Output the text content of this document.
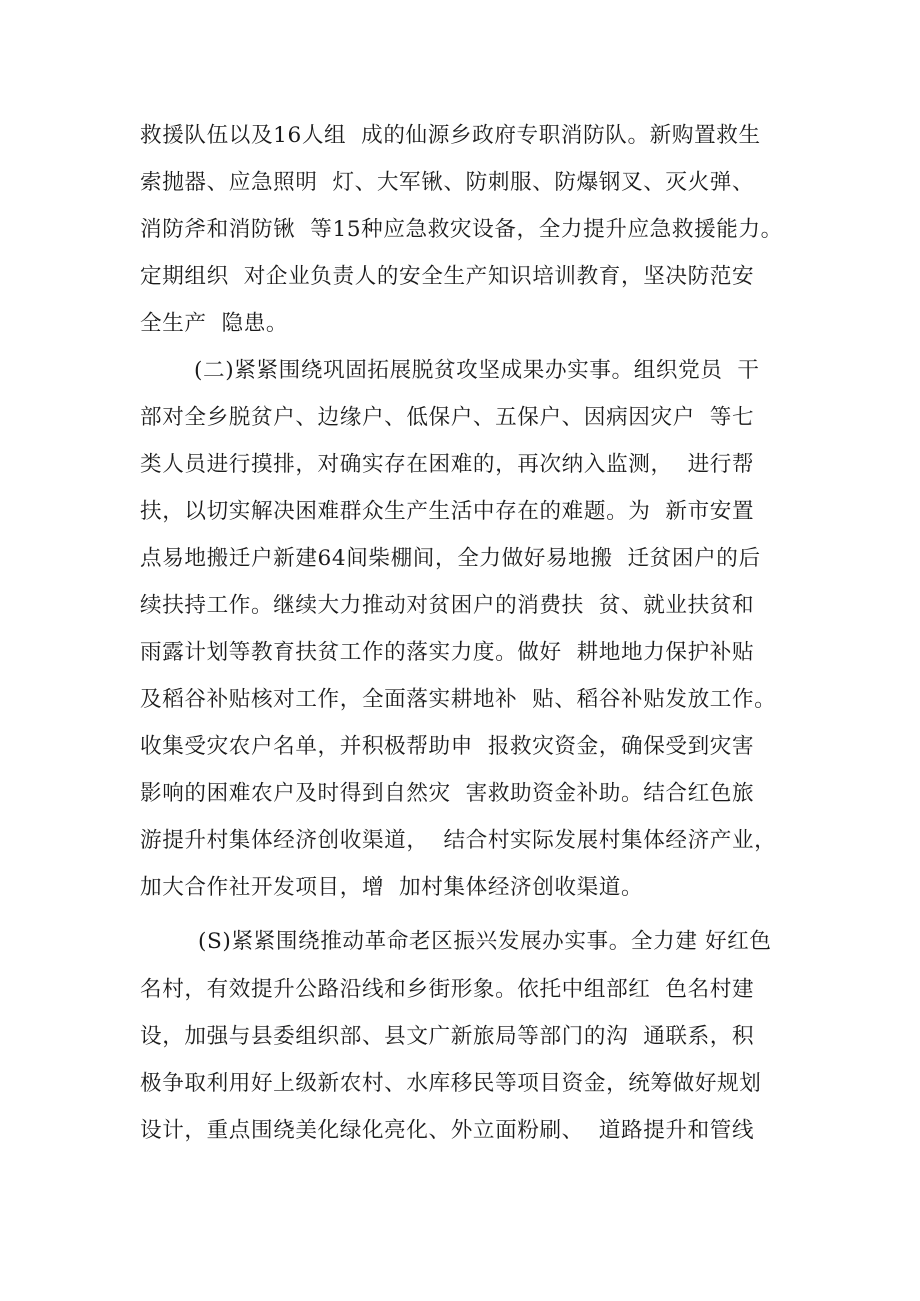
救援队伍以及16人组  成的仙源乡政府专职消防队。新购置救生
索抛器、应急照明  灯、大军锹、防刺服、防爆钢叉、灭火弹、
消防斧和消防锹  等15种应急救灾设备，全力提升应急救援能力。
定期组织  对企业负责人的安全生产知识培训教育，坚决防范安
全生产  隐患。
(二)紧紧围绕巩固拓展脱贫攻坚成果办实事。组织党员  干
部对全乡脱贫户、边缘户、低保户、五保户、因病因灾户  等七
类人员进行摸排，对确实存在困难的，再次纳入监测，  进行帮
扶，以切实解决困难群众生产生活中存在的难题。为  新市安置
点易地搬迁户新建64间柴棚间，全力做好易地搬  迁贫困户的后
续扶持工作。继续大力推动对贫困户的消费扶  贫、就业扶贫和
雨露计划等教育扶贫工作的落实力度。做好  耕地地力保护补贴
及稻谷补贴核对工作，全面落实耕地补  贴、稻谷补贴发放工作。
收集受灾农户名单，并积极帮助申  报救灾资金，确保受到灾害
影响的困难农户及时得到自然灾  害救助资金补助。结合红色旅
游提升村集体经济创收渠道，  结合村实际发展村集体经济产业，
加大合作社开发项目，增  加村集体经济创收渠道。
(S)紧紧围绕推动革命老区振兴发展办实事。全力建 好红色
名村，有效提升公路沿线和乡街形象。依托中组部红  色名村建
设，加强与县委组织部、县文广新旅局等部门的沟  通联系，积
极争取利用好上级新农村、水库移民等项目资金，统筹做好规划
设计，重点围绕美化绿化亮化、外立面粉刷、  道路提升和管线
